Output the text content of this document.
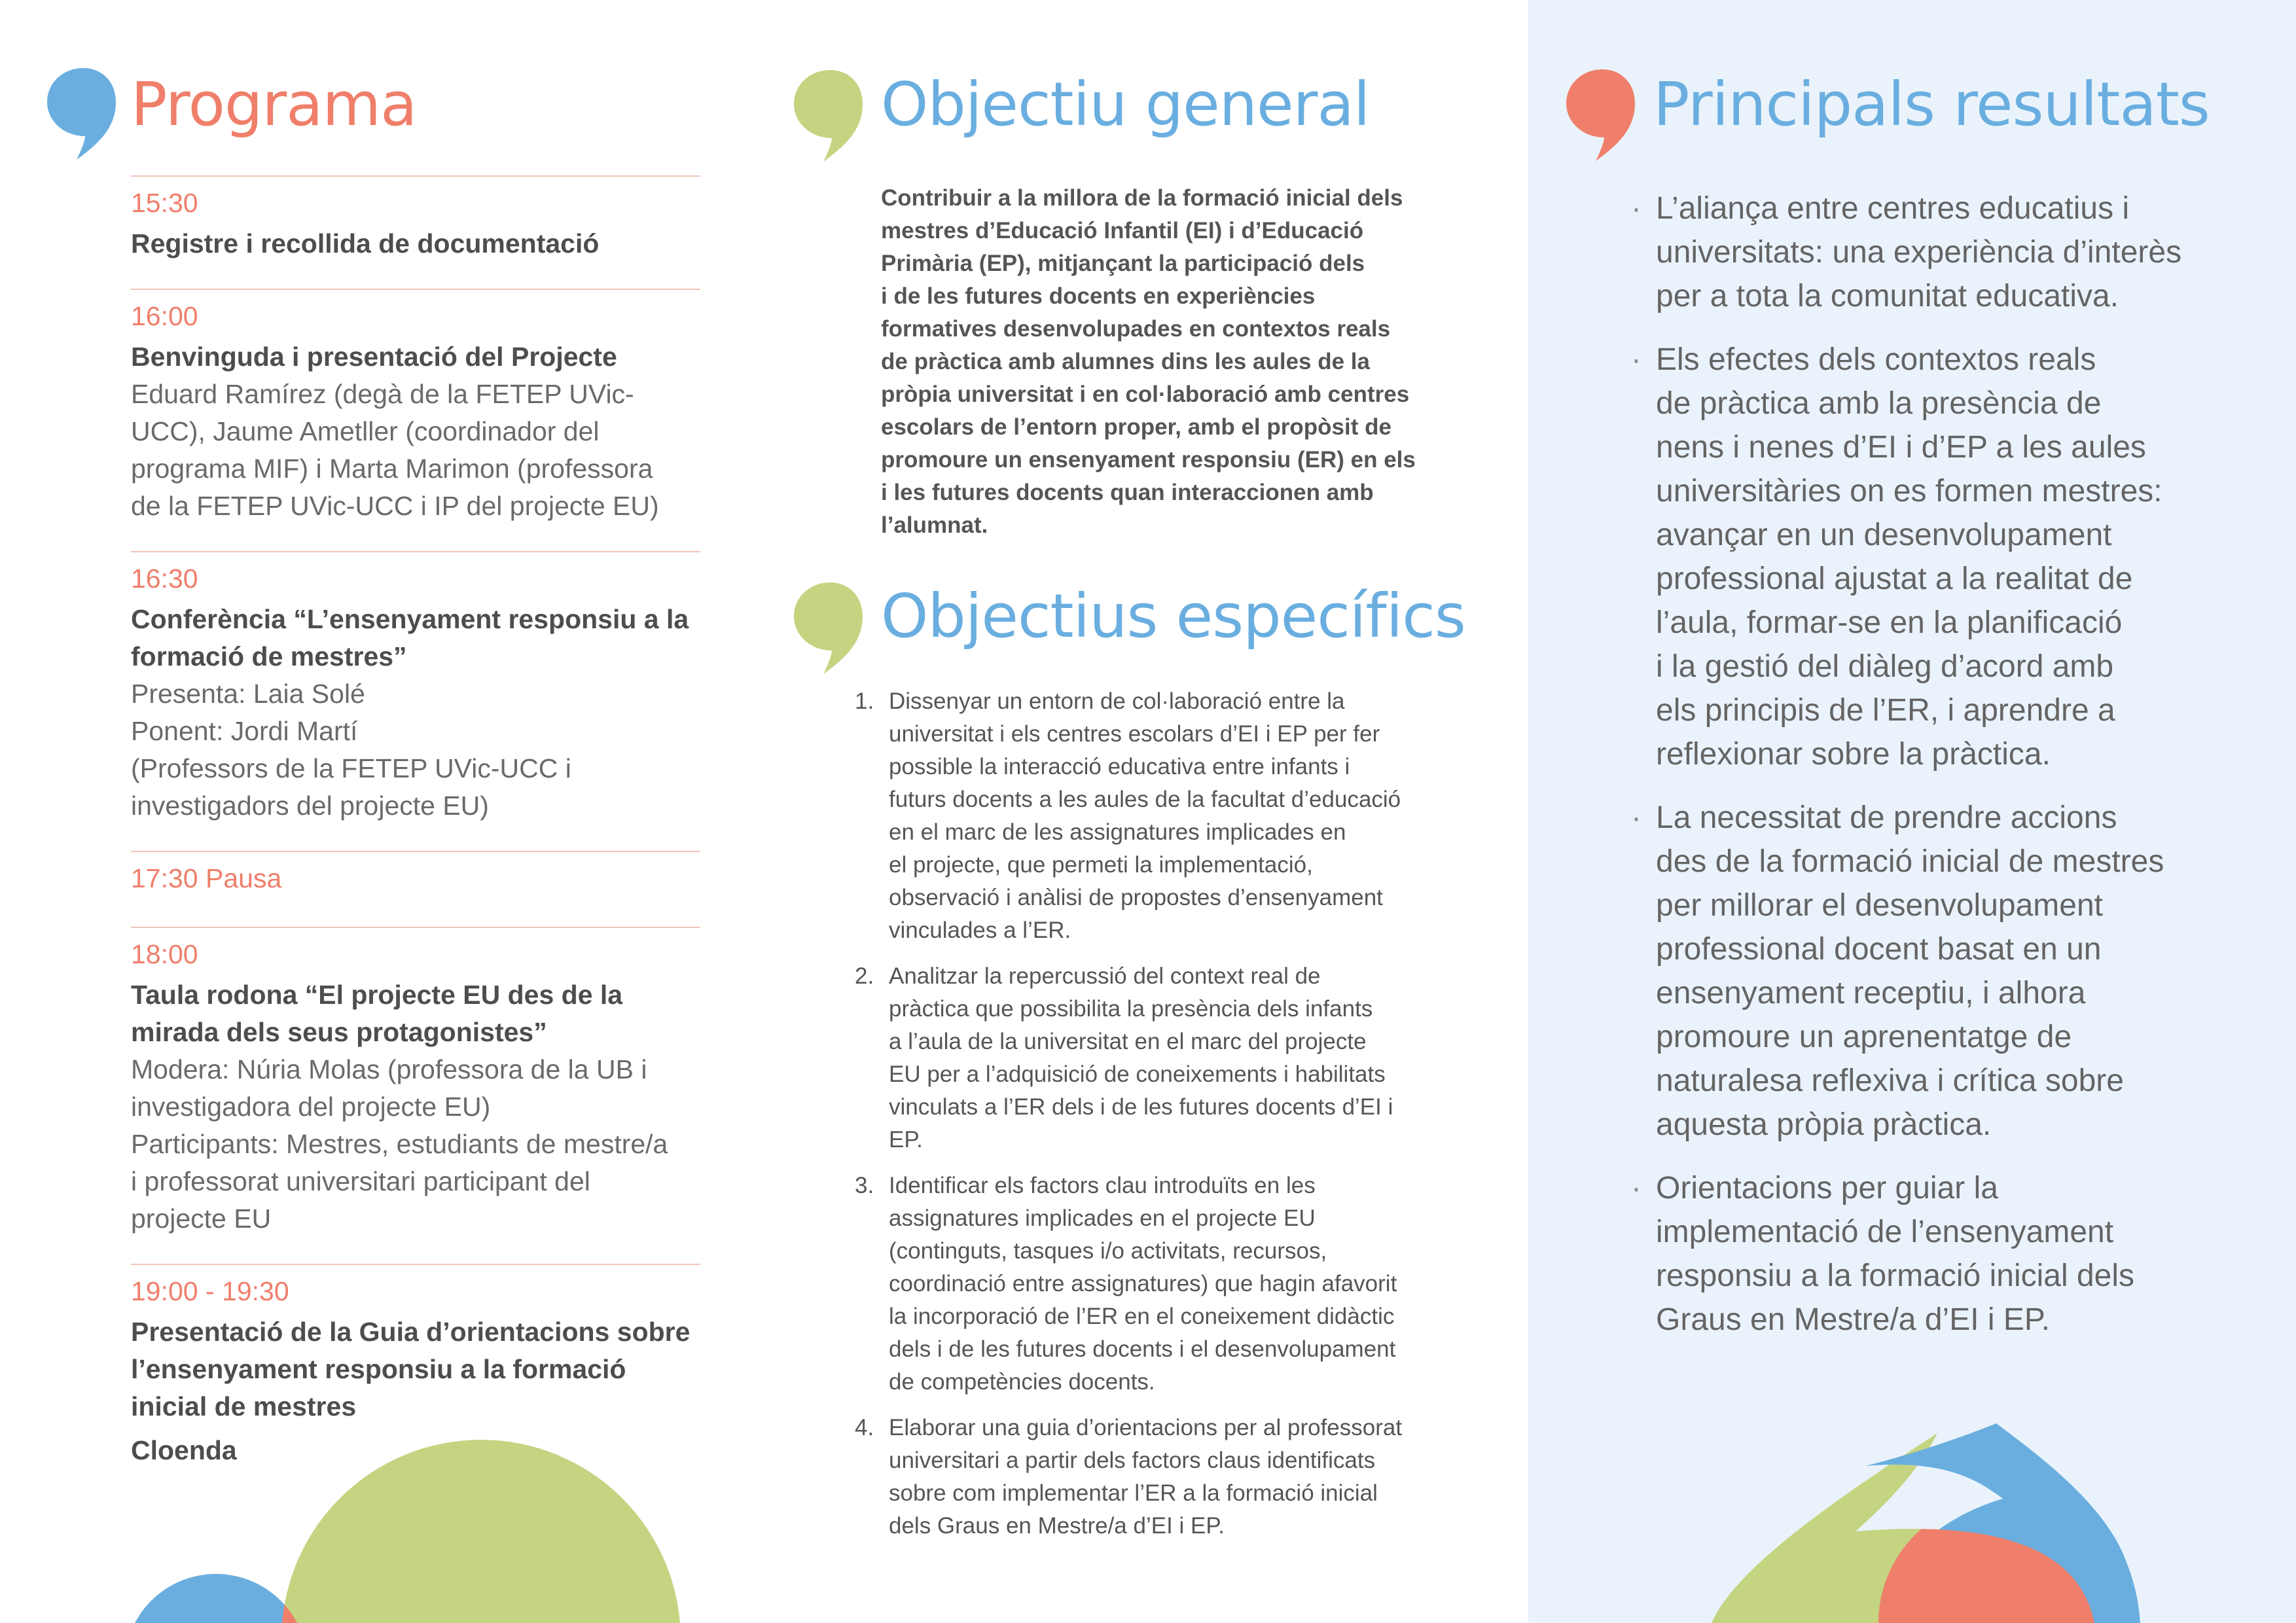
Programa
15:30
Registre i recollida de documentació
16:00
Benvinguda i presentació del Projecte
Eduard Ramírez (degà de la FETEP UVic-
UCC), Jaume Ametller (coordinador del
programa MIF) i Marta Marimon (professora
de la FETEP UVic-UCC i IP del projecte EU)
16:30
Conferència “L’ensenyament responsiu a la
formació de mestres”
Presenta: Laia Solé
Ponent: Jordi Martí
(Professors de la FETEP UVic-UCC i
investigadors del projecte EU)
17:30 Pausa
18:00
Taula rodona “El projecte EU des de la
mirada dels seus protagonistes”
Modera: Núria Molas (professora de la UB i
investigadora del projecte EU)
Participants: Mestres, estudiants de mestre/a
i professorat universitari participant del
projecte EU
19:00 - 19:30
Presentació de la Guia d’orientacions sobre
l’ensenyament responsiu a la formació
inicial de mestres
Cloenda
Objectiu general
Contribuir a la millora de la formació inicial dels
mestres d’Educació Infantil (EI) i d’Educació
Primària (EP), mitjançant la participació dels
i de les futures docents en experiències
formatives desenvolupades en contextos reals
de pràctica amb alumnes dins les aules de la
pròpia universitat i en col·laboració amb centres
escolars de l’entorn proper, amb el propòsit de
promoure un ensenyament responsiu (ER) en els
i les futures docents quan interaccionen amb
l’alumnat.
Objectius específics
1. Dissenyar un entorn de col·laboració entre la
universitat i els centres escolars d’EI i EP per fer
possible la interacció educativa entre infants i
futurs docents a les aules de la facultat d’educació
en el marc de les assignatures implicades en
el projecte, que permeti la implementació,
observació i anàlisi de propostes d’ensenyament
vinculades a l’ER.
2. Analitzar la repercussió del context real de
pràctica que possibilita la presència dels infants
a l’aula de la universitat en el marc del projecte
EU per a l’adquisició de coneixements i habilitats
vinculats a l’ER dels i de les futures docents d’EI i
EP.
3. Identificar els factors clau introduïts en les
assignatures implicades en el projecte EU
(continguts, tasques i/o activitats, recursos,
coordinació entre assignatures) que hagin afavorit
la incorporació de l’ER en el coneixement didàctic
dels i de les futures docents i el desenvolupament
de competències docents.
4. Elaborar una guia d’orientacions per al professorat
universitari a partir dels factors claus identificats
sobre com implementar l’ER a la formació inicial
dels Graus en Mestre/a d’EI i EP.
Principals resultats
· L’aliança entre centres educatius i
universitats: una experiència d’interès
per a tota la comunitat educativa.
· Els efectes dels contextos reals
de pràctica amb la presència de
nens i nenes d’EI i d’EP a les aules
universitàries on es formen mestres:
avançar en un desenvolupament
professional ajustat a la realitat de
l’aula, formar-se en la planificació
i la gestió del diàleg d’acord amb
els principis de l’ER, i aprendre a
reflexionar sobre la pràctica.
· La necessitat de prendre accions
des de la formació inicial de mestres
per millorar el desenvolupament
professional docent basat en un
ensenyament receptiu, i alhora
promoure un aprenentatge de
naturalesa reflexiva i crítica sobre
aquesta pròpia pràctica.
· Orientacions per guiar la
implementació de l’ensenyament
responsiu a la formació inicial dels
Graus en Mestre/a d’EI i EP.
